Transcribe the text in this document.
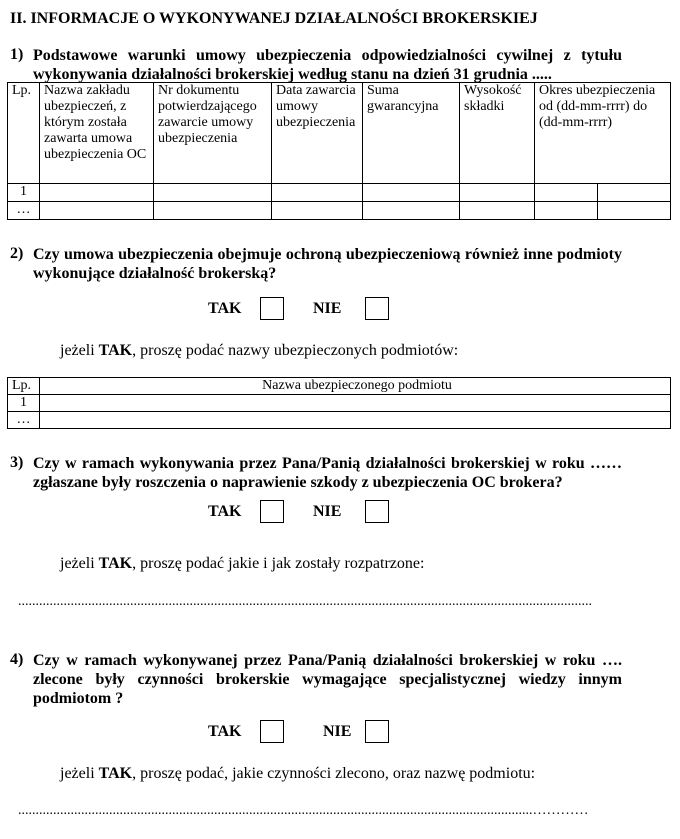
II. INFORMACJE O WYKONYWANEJ DZIAŁALNOŚCI BROKERSKIEJ
1) Podstawowe warunki umowy ubezpieczenia odpowiedzialności cywilnej z tytułu wykonywania działalności brokerskiej według stanu na dzień 31 grudnia .....
Lp.	Nazwa zakładu ubezpieczeń, z którym została zawarta umowa ubezpieczenia OC	Nr dokumentu potwierdzającego zawarcie umowy ubezpieczenia	Data zawarcia umowy ubezpieczenia	Suma gwarancyjna	Wysokość składki	Okres ubezpieczenia od (dd-mm-rrrr) do (dd-mm-rrrr)	
1							
…							
2) Czy umowa ubezpieczenia obejmuje ochroną ubezpieczeniową również inne podmioty wykonujące działalność brokerską?
TAK	NIE
jeżeli TAK, proszę podać nazwy ubezpieczonych podmiotów:
Lp.	Nazwa ubezpieczonego podmiotu
1	
…	
3) Czy w ramach wykonywania przez Pana/Panią działalności brokerskiej w roku …… zgłaszane były roszczenia o naprawienie szkody z ubezpieczenia OC brokera?
TAK	NIE
jeżeli TAK, proszę podać jakie i jak zostały rozpatrzone:
....................................................................................................................................................................
4) Czy w ramach wykonywanej przez Pana/Panią działalności brokerskiej w roku …. zlecone były czynności brokerskie wymagające specjalistycznej wiedzy innym podmiotom ?
TAK	NIE
jeżeli TAK, proszę podać, jakie czynności zlecono, oraz nazwę podmiotu:
...................................................................................................................................................…………
